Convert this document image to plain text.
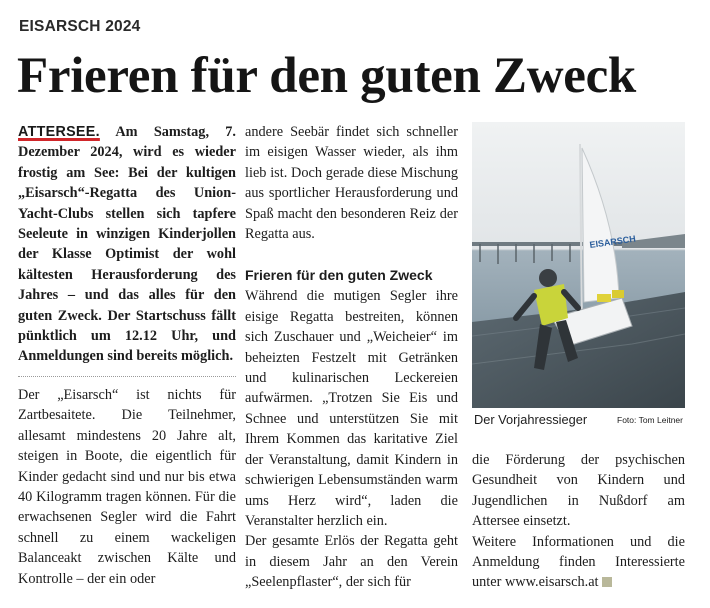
EISARSCH 2024
Frieren für den guten Zweck

ATTERSEE. Am Samstag, 7. Dezember 2024, wird es wieder frostig am See: Bei der kultigen „Eisarsch“-Regatta des Union-Yacht-Clubs stellen sich tapfere Seeleute in winzigen Kinderjollen der Klasse Optimist der wohl kältesten Herausforderung des Jahres – und das alles für den guten Zweck. Der Startschuss fällt pünktlich um 12.12 Uhr, und Anmeldungen sind bereits möglich.

Der „Eisarsch“ ist nichts für Zartbesaitete. Die Teilnehmer, allesamt mindestens 20 Jahre alt, steigen in Boote, die eigentlich für Kinder gedacht sind und nur bis etwa 40 Kilogramm tragen können. Für die erwachsenen Segler wird die Fahrt schnell zu einem wackeligen Balanceakt zwischen Kälte und Kontrolle – der ein oder

andere Seebär findet sich schneller im eisigen Wasser wieder, als ihm lieb ist. Doch gerade diese Mischung aus sportlicher Herausforderung und Spaß macht den besonderen Reiz der Regatta aus.

Frieren für den guten Zweck

Während die mutigen Segler ihre eisige Regatta bestreiten, können sich Zuschauer und „Weicheier“ im beheizten Festzelt mit Getränken und kulinarischen Leckereien aufwärmen. „Trotzen Sie Eis und Schnee und unterstützen Sie mit Ihrem Kommen das karitative Ziel der Veranstaltung, damit Kindern in schwierigen Lebensumständen warm ums Herz wird“, laden die Veranstalter herzlich ein.

Der gesamte Erlös der Regatta geht in diesem Jahr an den Verein „Seelenpflaster“, der sich für

EISARSCH
Der Vorjahressieger	Foto: Tom Leitner

die Förderung der psychischen Gesundheit von Kindern und Jugendlichen in Nußdorf am Attersee einsetzt.

Weitere Informationen und die Anmeldung finden Interessierte unter www.eisarsch.at
